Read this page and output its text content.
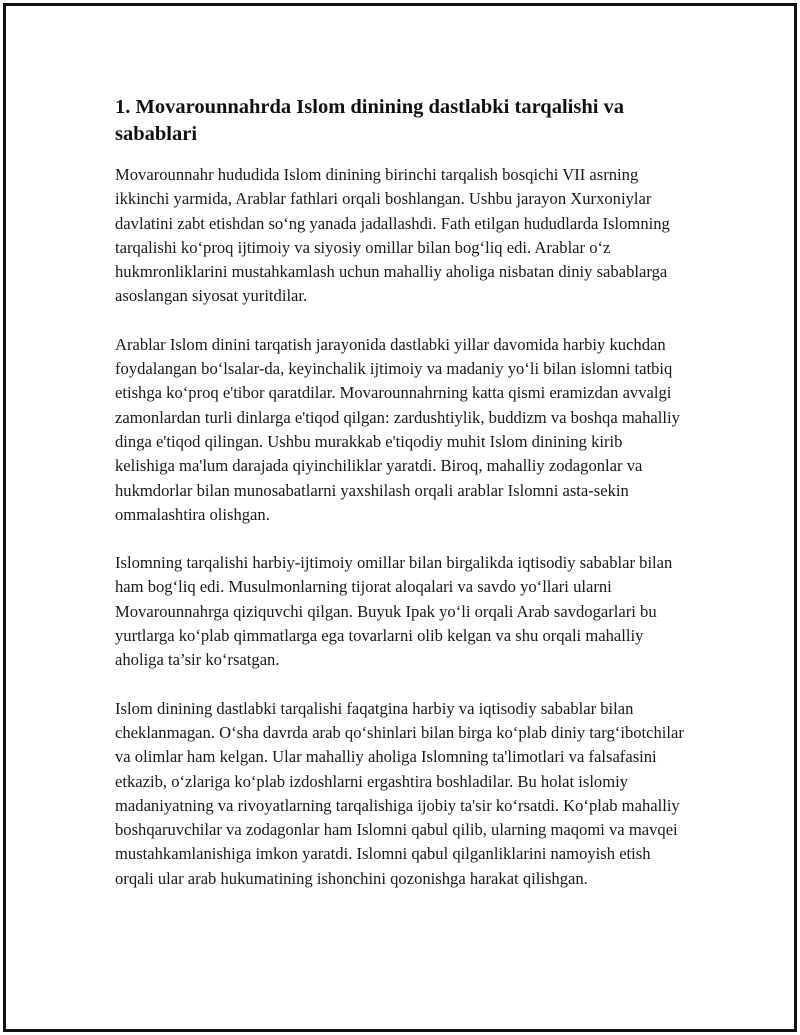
1. Movarounnahrda Islom dinining dastlabki tarqalishi va sabablari

Movarounnahr hududida Islom dinining birinchi tarqalish bosqichi VII asrning ikkinchi yarmida, Arablar fathlari orqali boshlangan. Ushbu jarayon Xurxoniylar davlatini zabt etishdan so‘ng yanada jadallashdi. Fath etilgan hududlarda Islomning tarqalishi ko‘proq ijtimoiy va siyosiy omillar bilan bog‘liq edi. Arablar o‘z hukmronliklarini mustahkamlash uchun mahalliy aholiga nisbatan diniy sabablarga asoslangan siyosat yuritdilar.

Arablar Islom dinini tarqatish jarayonida dastlabki yillar davomida harbiy kuchdan foydalangan bo‘lsalar-da, keyinchalik ijtimoiy va madaniy yo‘li bilan islomni tatbiq etishga ko‘proq e'tibor qaratdilar. Movarounnahrning katta qismi eramizdan avvalgi zamonlardan turli dinlarga e'tiqod qilgan: zardushtiylik, buddizm va boshqa mahalliy dinga e'tiqod qilingan. Ushbu murakkab e'tiqodiy muhit Islom dinining kirib kelishiga ma'lum darajada qiyinchiliklar yaratdi. Biroq, mahalliy zodagonlar va hukmdorlar bilan munosabatlarni yaxshilash orqali arablar Islomni asta-sekin ommalashtira olishgan.

Islomning tarqalishi harbiy-ijtimoiy omillar bilan birgalikda iqtisodiy sabablar bilan ham bog‘liq edi. Musulmonlarning tijorat aloqalari va savdo yo‘llari ularni Movarounnahrga qiziquvchi qilgan. Buyuk Ipak yo‘li orqali Arab savdogarlari bu yurtlarga ko‘plab qimmatlarga ega tovarlarni olib kelgan va shu orqali mahalliy aholiga ta’sir ko‘rsatgan.

Islom dinining dastlabki tarqalishi faqatgina harbiy va iqtisodiy sabablar bilan cheklanmagan. O‘sha davrda arab qo‘shinlari bilan birga ko‘plab diniy targ‘ibotchilar va olimlar ham kelgan. Ular mahalliy aholiga Islomning ta'limotlari va falsafasini etkazib, o‘zlariga ko‘plab izdoshlarni ergashtira boshladilar. Bu holat islomiy madaniyatning va rivoyatlarning tarqalishiga ijobiy ta'sir ko‘rsatdi. Ko‘plab mahalliy boshqaruvchilar va zodagonlar ham Islomni qabul qilib, ularning maqomi va mavqei mustahkamlanishiga imkon yaratdi. Islomni qabul qilganliklarini namoyish etish orqali ular arab hukumatining ishonchini qozonishga harakat qilishgan.
